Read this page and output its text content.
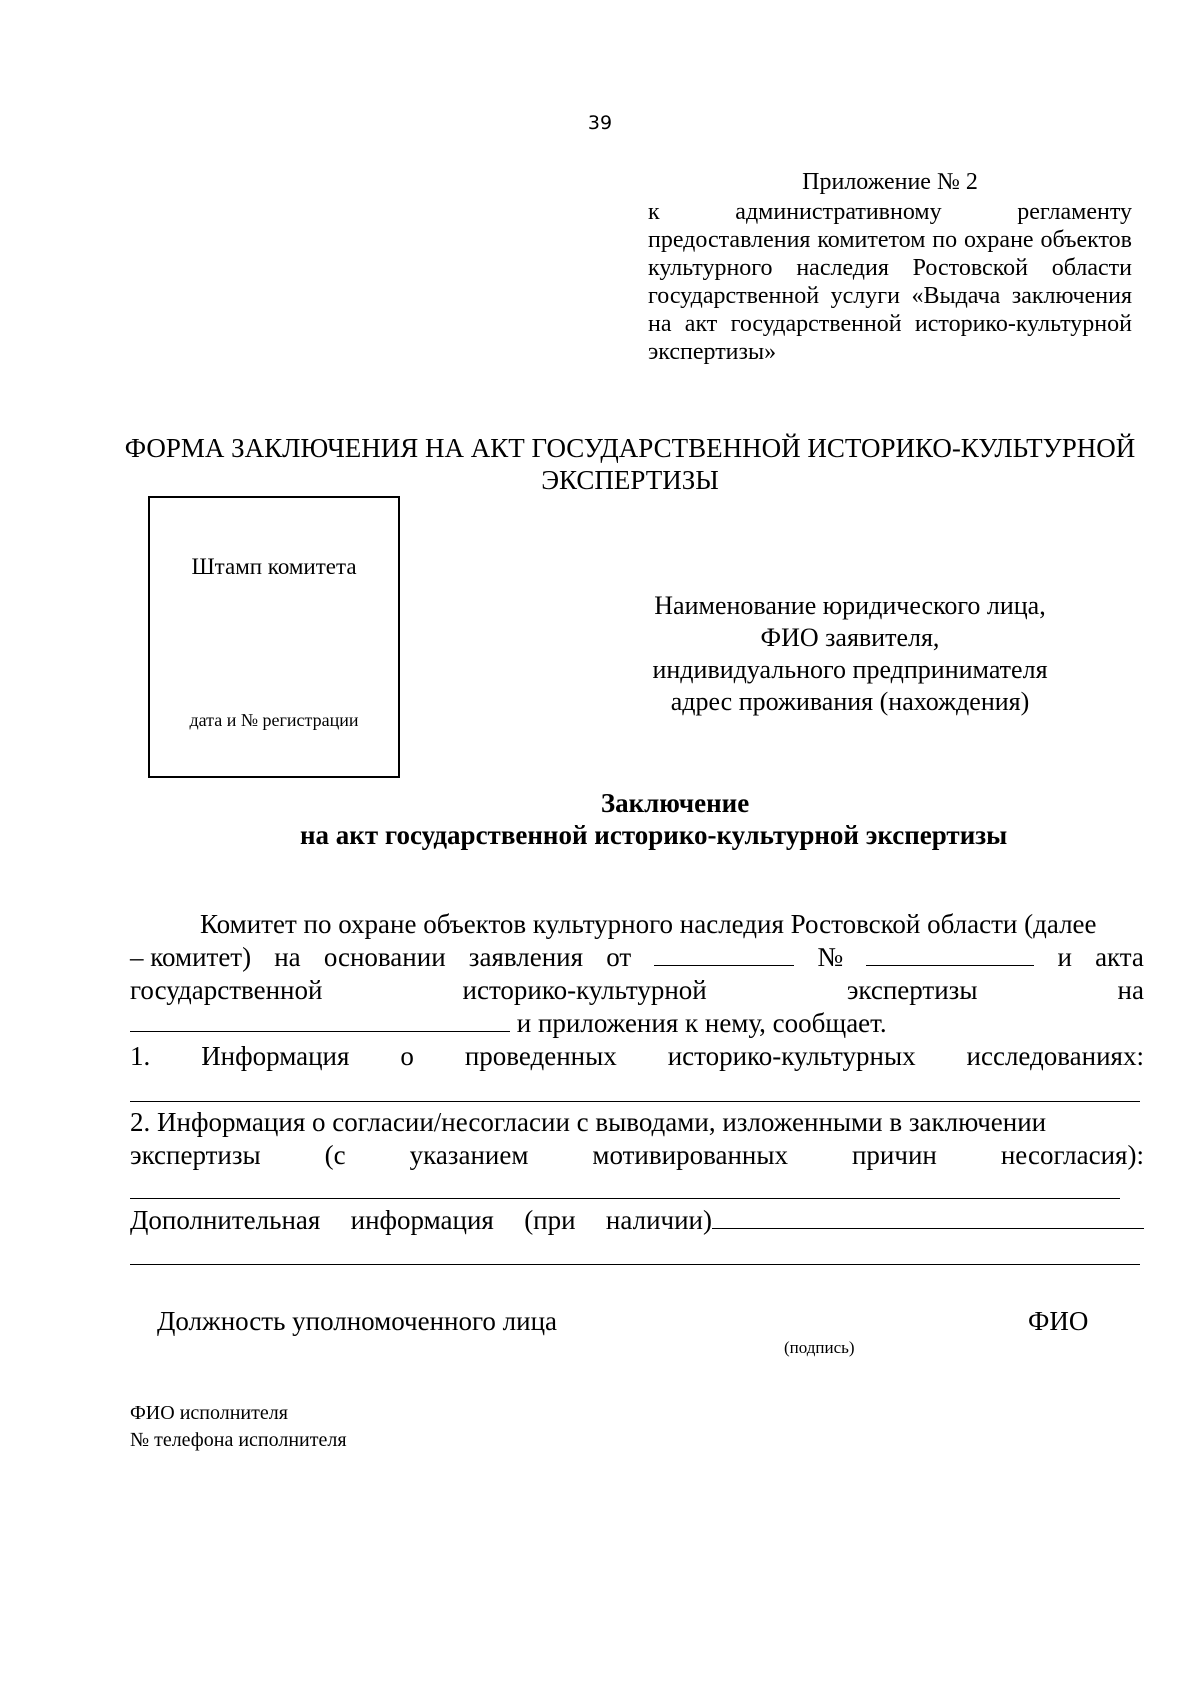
39
Приложение № 2
к административному регламенту предоставления комитетом по охране объектов культурного наследия Ростовской области государственной услуги «Выдача заключения на акт государственной историко-культурной экспертизы»
ФОРМА ЗАКЛЮЧЕНИЯ НА АКТ ГОСУДАРСТВЕННОЙ ИСТОРИКО-КУЛЬТУРНОЙ
ЭКСПЕРТИЗЫ
Штамп комитета
дата и № регистрации
Наименование юридического лица,
ФИО заявителя,
индивидуального предпринимателя
адрес проживания (нахождения)
Заключение
на акт государственной историко-культурной экспертизы
Комитет по охране объектов культурного наследия Ростовской области (далее
– комитет) на основании заявления от	№	и акта
государственной	историко-культурной	экспертизы	на
и приложения к нему, сообщает.
1. Информация о проведенных историко-культурных исследованиях:
2. Информация о согласии/несогласии с выводами, изложенными в заключении
экспертизы (с указанием мотивированных причин несогласия):
Дополнительная информация (при наличии)
Должность уполномоченного лица	ФИО
(подпись)
ФИО исполнителя
№ телефона исполнителя
